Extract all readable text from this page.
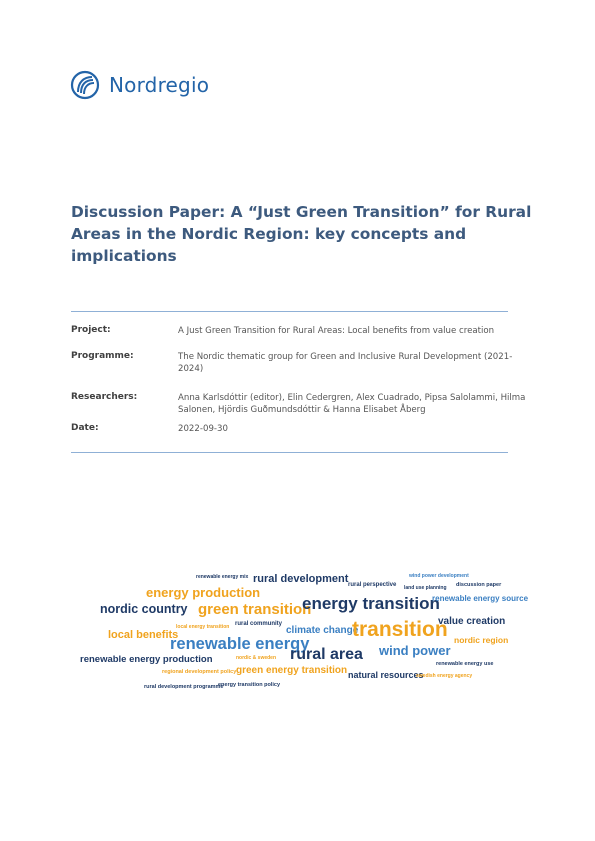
Nordregio
Discussion Paper: A “Just Green Transition” for Rural Areas in the Nordic Region: key concepts and implications
Project:	A Just Green Transition for Rural Areas: Local benefits from value creation
Programme:	The Nordic thematic group for Green and Inclusive Rural Development (2021-2024)
Researchers:	Anna Karlsdóttir (editor), Elin Cedergren, Alex Cuadrado, Pipsa Salolammi, Hilma Salonen, Hjördis Guðmundsdóttir & Hanna Elisabet Åberg
Date:	2022-09-30
renewable energy mix rural development rural perspective
wind power development
energy production	land use planning discussion paper
nordic country green transition
energy transition
renewable energy source
local energy transition rural community
local benefits	climate change
transition
value creation
nordic region
renewable energy
rural area wind power
renewable energy production	nordic & sweden
renewable energy use
regional development policy green energy transition natural resources
swedish energy agency
rural development programme
energy transition policy
